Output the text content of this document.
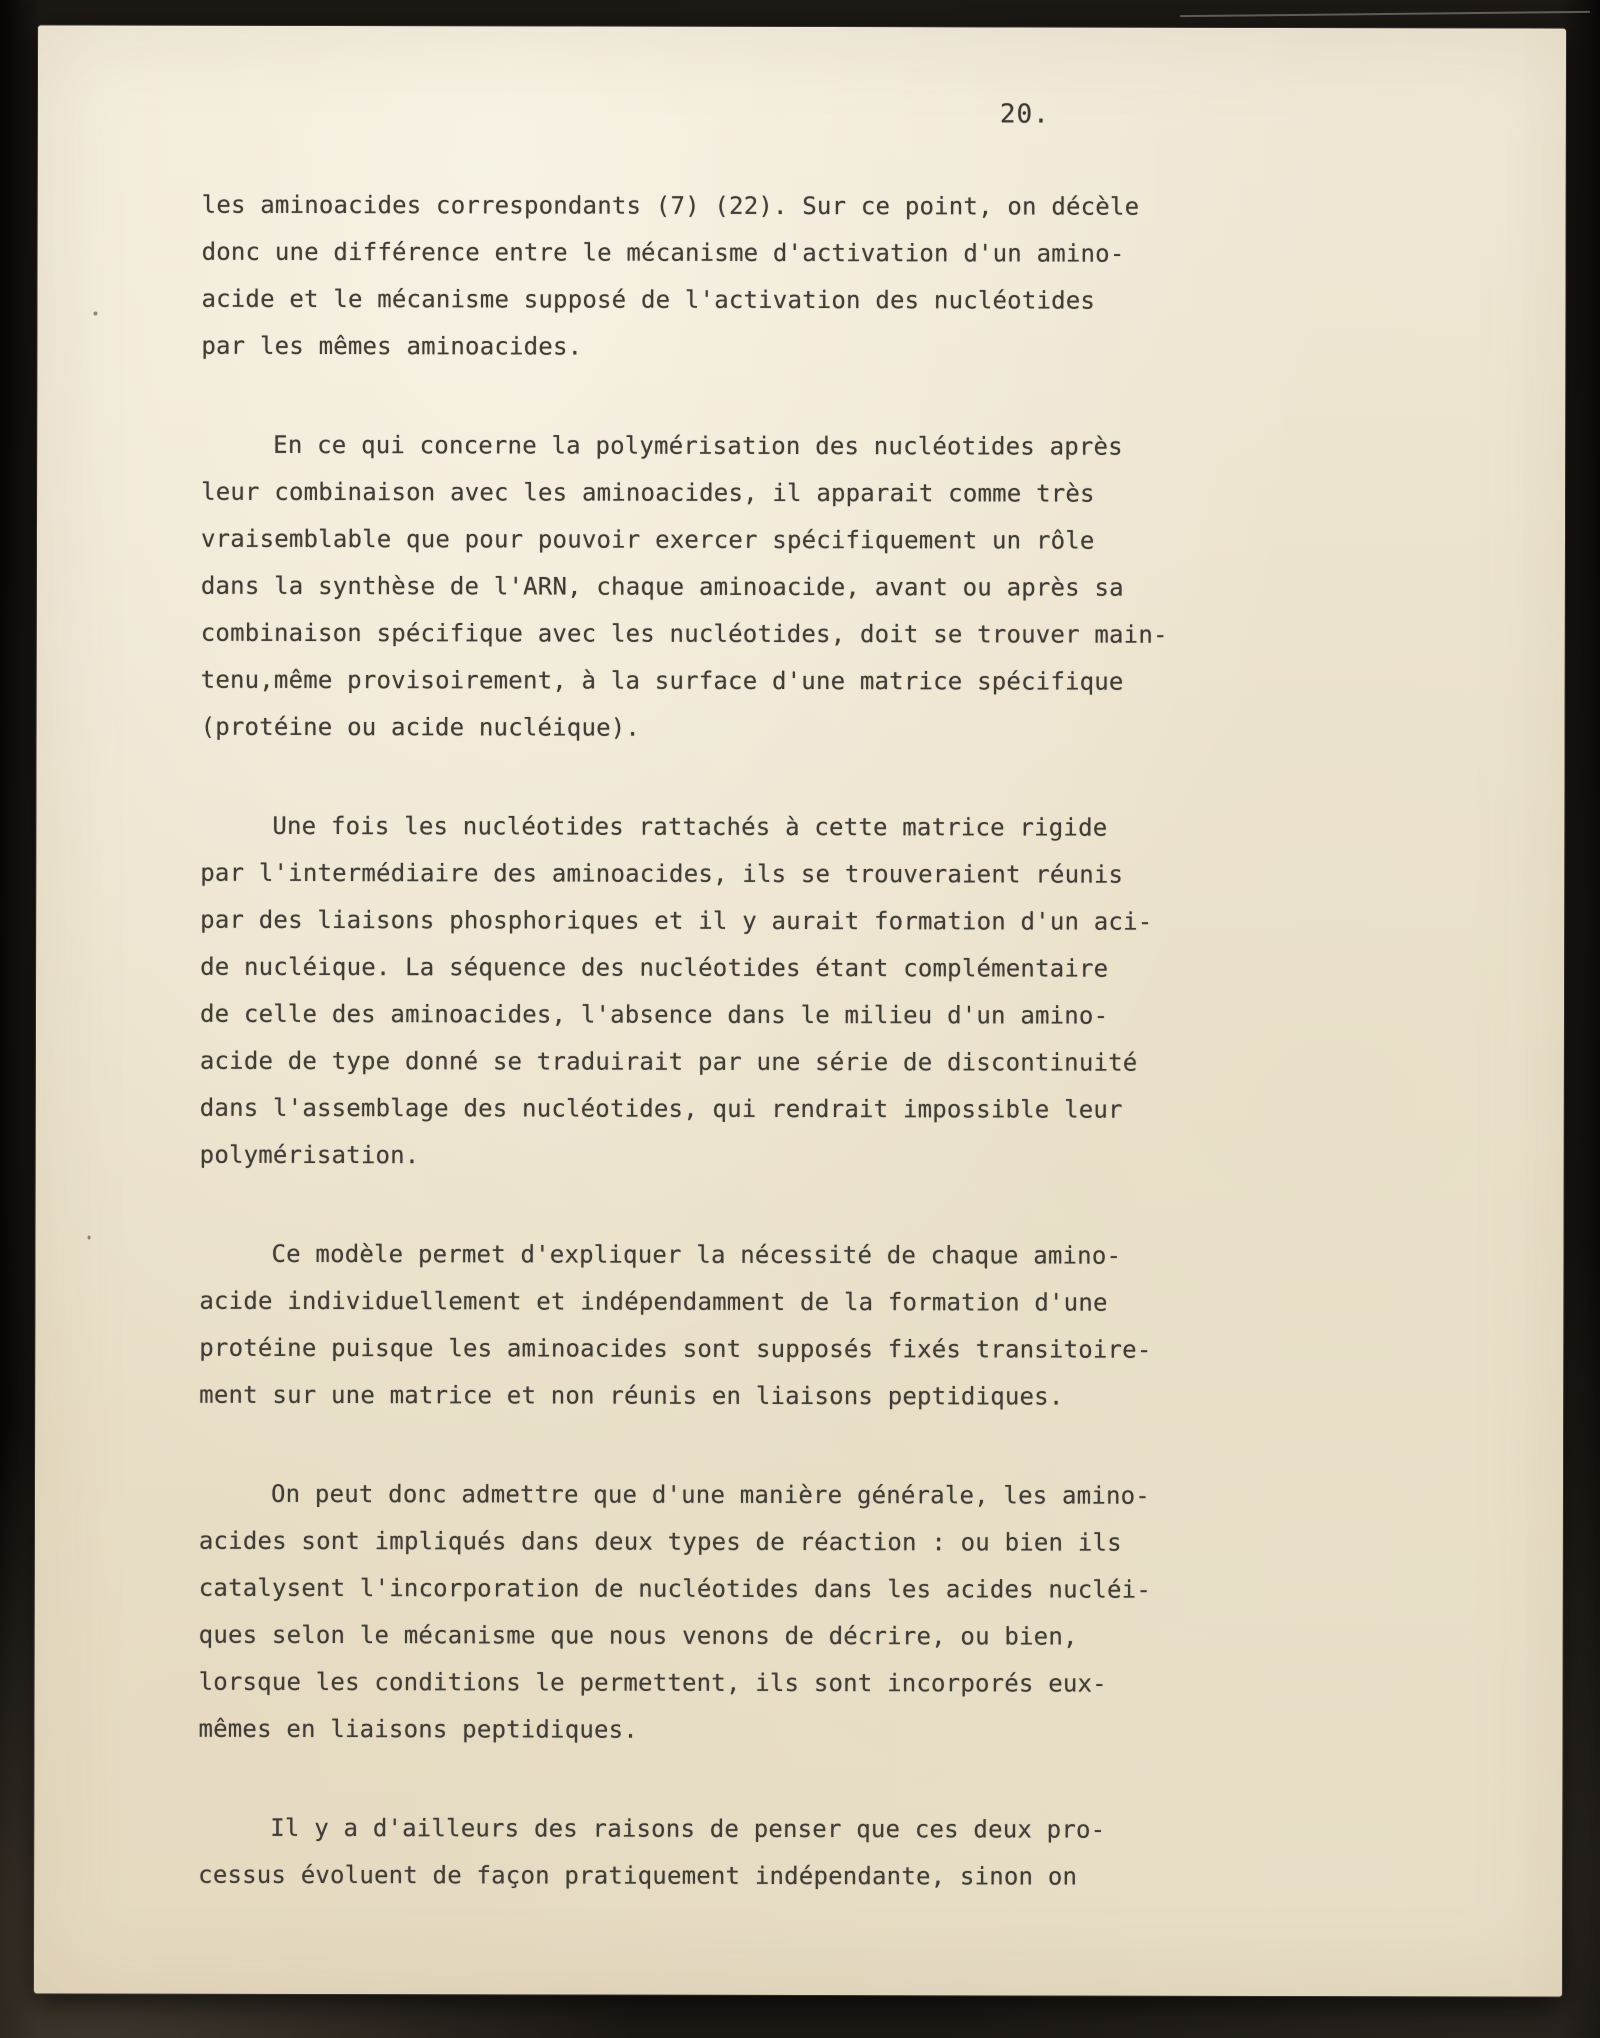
20.
les aminoacides correspondants (7) (22). Sur ce point, on décèle
donc une différence entre le mécanisme d'activation d'un amino-
acide et le mécanisme supposé de l'activation des nucléotides
par les mêmes aminoacides.
En ce qui concerne la polymérisation des nucléotides après
leur combinaison avec les aminoacides, il apparait comme très
vraisemblable que pour pouvoir exercer spécifiquement un rôle
dans la synthèse de l'ARN, chaque aminoacide, avant ou après sa
combinaison spécifique avec les nucléotides, doit se trouver main-
tenu,même provisoirement, à la surface d'une matrice spécifique
(protéine ou acide nucléique).
Une fois les nucléotides rattachés à cette matrice rigide
par l'intermédiaire des aminoacides, ils se trouveraient réunis
par des liaisons phosphoriques et il y aurait formation d'un aci-
de nucléique. La séquence des nucléotides étant complémentaire
de celle des aminoacides, l'absence dans le milieu d'un amino-
acide de type donné se traduirait par une série de discontinuité
dans l'assemblage des nucléotides, qui rendrait impossible leur
polymérisation.
Ce modèle permet d'expliquer la nécessité de chaque amino-
acide individuellement et indépendamment de la formation d'une
protéine puisque les aminoacides sont supposés fixés transitoire-
ment sur une matrice et non réunis en liaisons peptidiques.
On peut donc admettre que d'une manière générale, les amino-
acides sont impliqués dans deux types de réaction : ou bien ils
catalysent l'incorporation de nucléotides dans les acides nucléi-
ques selon le mécanisme que nous venons de décrire, ou bien,
lorsque les conditions le permettent, ils sont incorporés eux-
mêmes en liaisons peptidiques.
Il y a d'ailleurs des raisons de penser que ces deux pro-
cessus évoluent de façon pratiquement indépendante, sinon on
